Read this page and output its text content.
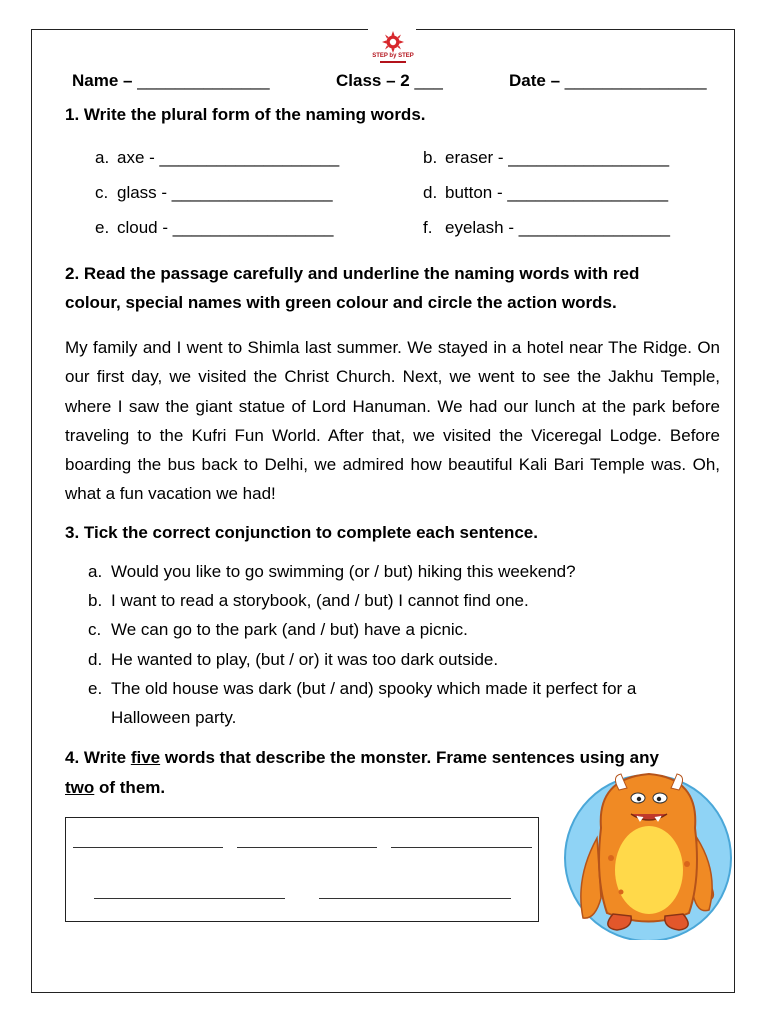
STEP by STEP
Name – ______________	Class – 2 ___	Date – _______________
1. Write the plural form of the naming words.
a. axe - ___________________	b. eraser - _________________
c. glass - _________________	d. button - _________________
e. cloud - _________________	f. eyelash - ________________
2. Read the passage carefully and underline the naming words with red
colour, special names with green colour and circle the action words.
My family and I went to Shimla last summer. We stayed in a hotel near The Ridge. On our first day, we visited the Christ Church. Next, we went to see the Jakhu Temple, where I saw the giant statue of Lord Hanuman. We had our lunch at the park before traveling to the Kufri Fun World. After that, we visited the Viceregal Lodge. Before boarding the bus back to Delhi, we admired how beautiful Kali Bari Temple was. Oh, what a fun vacation we had!
3. Tick the correct conjunction to complete each sentence.
a. Would you like to go swimming (or / but) hiking this weekend?
b. I want to read a storybook, (and / but) I cannot find one.
c. We can go to the park (and / but) have a picnic.
d. He wanted to play, (but / or) it was too dark outside.
e. The old house was dark (but / and) spooky which made it perfect for a Halloween party.
4. Write five words that describe the monster. Frame sentences using any
two of them.
